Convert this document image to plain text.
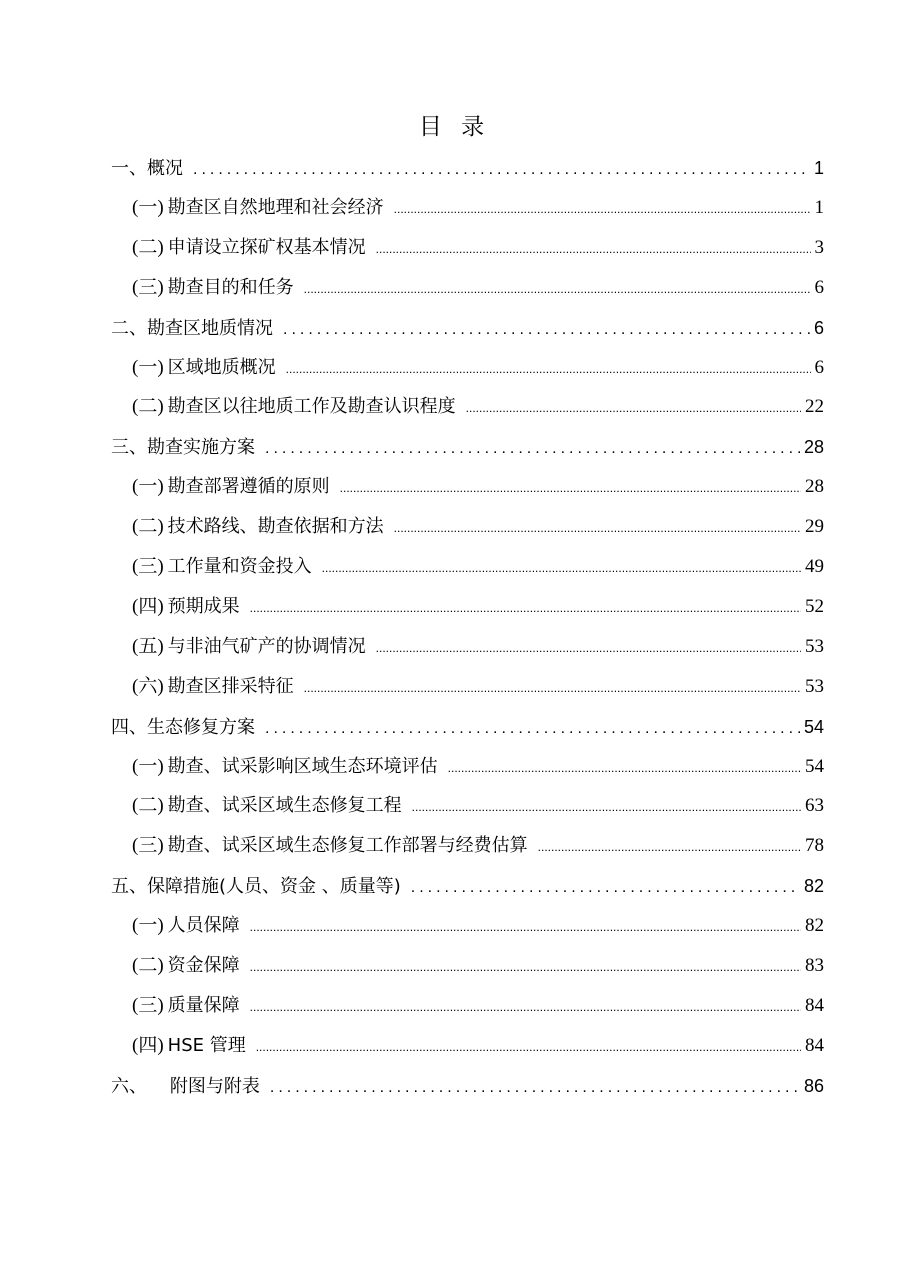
目 录
一、概况 .....	1
(一) 勘查区自然地理和社会经济 .....	1
(二) 申请设立探矿权基本情况 .....	3
(三) 勘查目的和任务 .....	6
二、勘查区地质情况 .....	6
(一) 区域地质概况 .....	6
(二) 勘查区以往地质工作及勘查认识程度 .....	22
三、勘查实施方案 .....	28
(一) 勘查部署遵循的原则 .....	28
(二) 技术路线、勘查依据和方法 .....	29
(三) 工作量和资金投入 .....	49
(四) 预期成果 .....	52
(五) 与非油气矿产的协调情况 .....	53
(六) 勘查区排采特征 .....	53
四、生态修复方案 .....	54
(一) 勘查、试采影响区域生态环境评估 .....	54
(二) 勘查、试采区域生态修复工程 .....	63
(三) 勘查、试采区域生态修复工作部署与经费估算 .....	78
五、保障措施(人员、资金 、质量等) .....	82
(一) 人员保障 .....	82
(二) 资金保障 .....	83
(三) 质量保障 .....	84
(四) HSE 管理 .....	84
六、    附图与附表 .....	86
